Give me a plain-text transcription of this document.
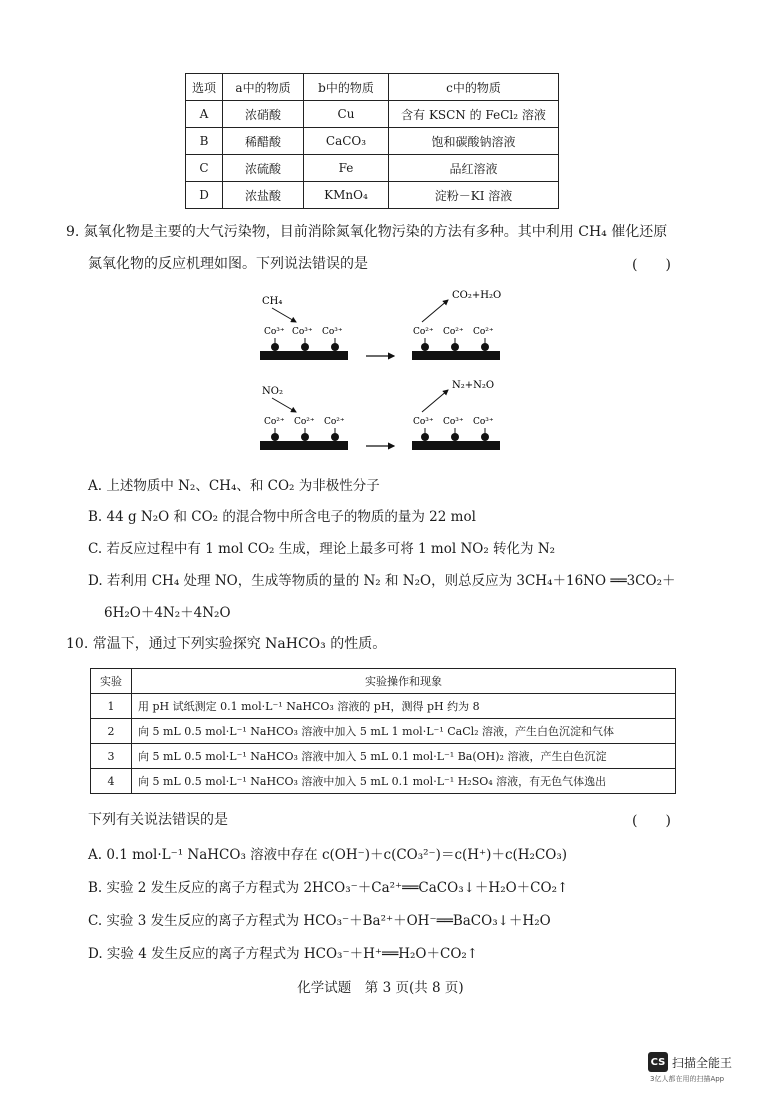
选项	a中的物质	b中的物质	c中的物质
A	浓硝酸	Cu	含有 KSCN 的 FeCl₂ 溶液
B	稀醋酸	CaCO₃	饱和碳酸钠溶液
C	浓硫酸	Fe	品红溶液
D	浓盐酸	KMnO₄	淀粉－KI 溶液
9. 氮氧化物是主要的大气污染物，目前消除氮氧化物污染的方法有多种。其中利用 CH₄ 催化还原
氮氧化物的反应机理如图。下列说法错误的是	(　　)
CH₄
Co³⁺ Co³⁺ Co³⁺
CO₂+H₂O
Co²⁺ Co²⁺ Co²⁺
NO₂
Co²⁺ Co²⁺ Co²⁺
N₂+N₂O
Co³⁺ Co³⁺ Co³⁺
A. 上述物质中 N₂、CH₄、和 CO₂ 为非极性分子
B. 44 g N₂O 和 CO₂ 的混合物中所含电子的物质的量为 22 mol
C. 若反应过程中有 1 mol CO₂ 生成，理论上最多可将 1 mol NO₂ 转化为 N₂
D. 若利用 CH₄ 处理 NO，生成等物质的量的 N₂ 和 N₂O，则总反应为 3CH₄＋16NO ══3CO₂＋
6H₂O＋4N₂＋4N₂O
10. 常温下，通过下列实验探究 NaHCO₃ 的性质。
实验	实验操作和现象
1	用 pH 试纸测定 0.1 mol·L⁻¹ NaHCO₃ 溶液的 pH，测得 pH 约为 8
2	向 5 mL 0.5 mol·L⁻¹ NaHCO₃ 溶液中加入 5 mL 1 mol·L⁻¹ CaCl₂ 溶液，产生白色沉淀和气体
3	向 5 mL 0.5 mol·L⁻¹ NaHCO₃ 溶液中加入 5 mL 0.1 mol·L⁻¹ Ba(OH)₂ 溶液，产生白色沉淀
4	向 5 mL 0.5 mol·L⁻¹ NaHCO₃ 溶液中加入 5 mL 0.1 mol·L⁻¹ H₂SO₄ 溶液，有无色气体逸出
下列有关说法错误的是	(　　)
A. 0.1 mol·L⁻¹ NaHCO₃ 溶液中存在 c(OH⁻)＋c(CO₃²⁻)＝c(H⁺)＋c(H₂CO₃)
B. 实验 2 发生反应的离子方程式为 2HCO₃⁻＋Ca²⁺══CaCO₃↓＋H₂O＋CO₂↑
C. 实验 3 发生反应的离子方程式为 HCO₃⁻＋Ba²⁺＋OH⁻══BaCO₃↓＋H₂O
D. 实验 4 发生反应的离子方程式为 HCO₃⁻＋H⁺══H₂O＋CO₂↑
化学试题　第 3 页(共 8 页)
CS 扫描全能王
3亿人都在用的扫描App
